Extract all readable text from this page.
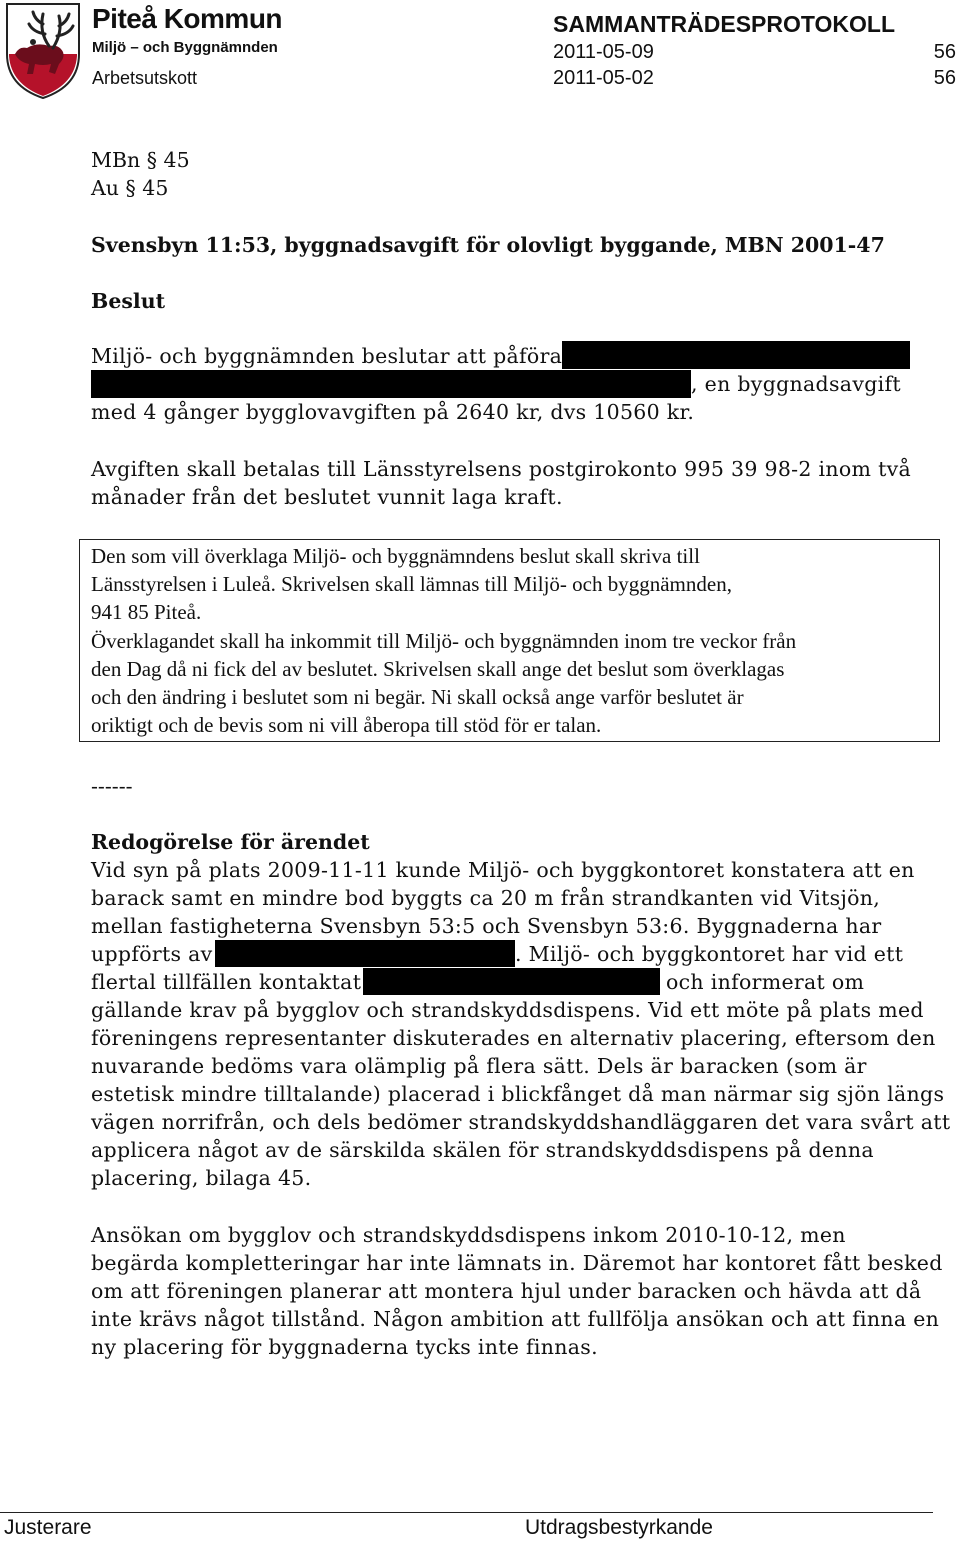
Piteå Kommun
Miljö – och Byggnämnden
Arbetsutskott
SAMMANTRÄDESPROTOKOLL
2011-05-09
2011-05-02
56
56
MBn § 45
Au § 45
Svensbyn 11:53, byggnadsavgift för olovligt byggande, MBN 2001-47
Beslut
Miljö- och byggnämnden beslutar att påföra
, en byggnadsavgift
med 4 gånger bygglovavgiften på 2640 kr, dvs 10560 kr.
Avgiften skall betalas till Länsstyrelsens postgirokonto 995 39 98-2 inom två
månader från det beslutet vunnit laga kraft.
Den som vill överklaga Miljö- och byggnämndens beslut skall skriva till
Länsstyrelsen i Luleå. Skrivelsen skall lämnas till Miljö- och byggnämnden,
941 85 Piteå.
Överklagandet skall ha inkommit till Miljö- och byggnämnden inom tre veckor från
den Dag då ni fick del av beslutet. Skrivelsen skall ange det beslut som överklagas
och den ändring i beslutet som ni begär. Ni skall också ange varför beslutet är
oriktigt och de bevis som ni vill åberopa till stöd för er talan.
------
Redogörelse för ärendet
Vid syn på plats 2009-11-11 kunde Miljö- och byggkontoret konstatera att en
barack samt en mindre bod byggts ca 20 m från strandkanten vid Vitsjön,
mellan fastigheterna Svensbyn 53:5 och Svensbyn 53:6. Byggnaderna har
uppförts av	. Miljö- och byggkontoret har vid ett
flertal tillfällen kontaktat	och informerat om
gällande krav på bygglov och strandskyddsdispens. Vid ett möte på plats med
föreningens representanter diskuterades en alternativ placering, eftersom den
nuvarande bedöms vara olämplig på flera sätt. Dels är baracken (som är
estetisk mindre tilltalande) placerad i blickfånget då man närmar sig sjön längs
vägen norrifrån, och dels bedömer strandskyddshandläggaren det vara svårt att
applicera något av de särskilda skälen för strandskyddsdispens på denna
placering, bilaga 45.
Ansökan om bygglov och strandskyddsdispens inkom 2010-10-12, men
begärda kompletteringar har inte lämnats in. Däremot har kontoret fått besked
om att föreningen planerar att montera hjul under baracken och hävda att då
inte krävs något tillstånd. Någon ambition att fullfölja ansökan och att finna en
ny placering för byggnaderna tycks inte finnas.
Justerare	Utdragsbestyrkande
